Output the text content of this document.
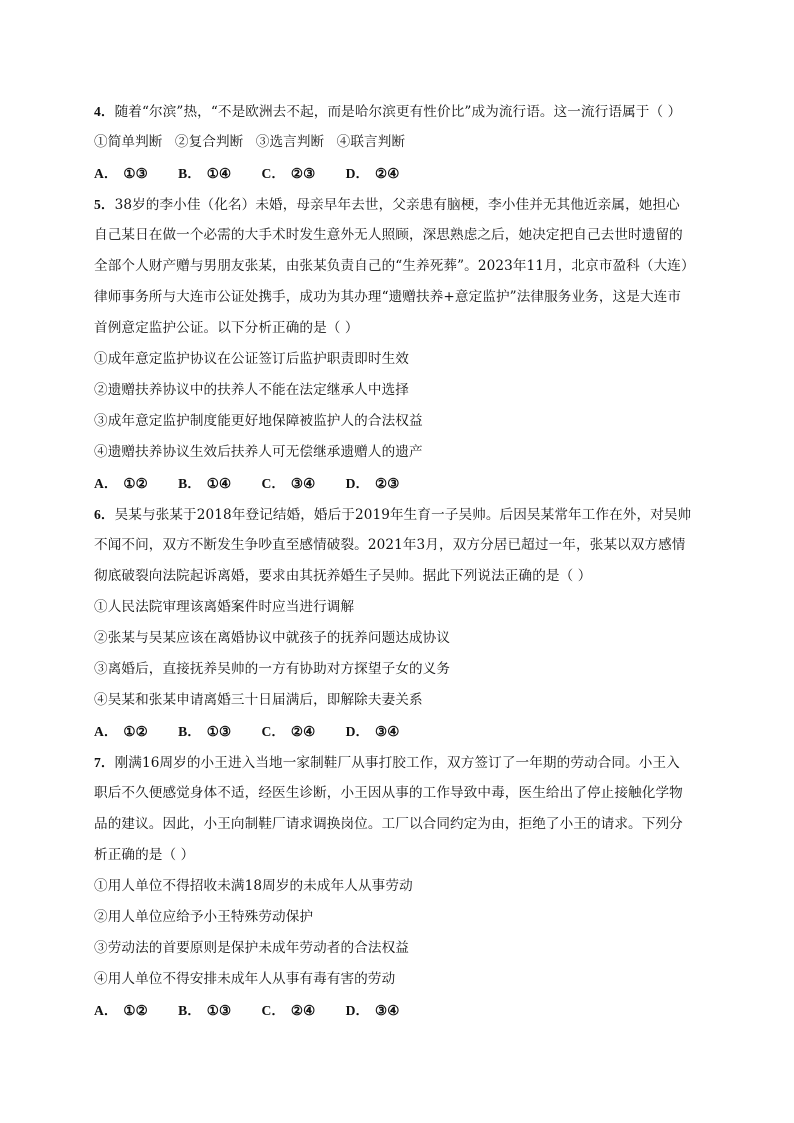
4．随着“尔滨”热，“不是欧洲去不起，而是哈尔滨更有性价比”成为流行语。这一流行语属于（ ）
①简单判断 ②复合判断 ③选言判断 ④联言判断
A． ①③ B． ①④ C． ②③ D． ②④
5．38岁的李小佳（化名）未婚，母亲早年去世，父亲患有脑梗，李小佳并无其他近亲属，她担心
自己某日在做一个必需的大手术时发生意外无人照顾，深思熟虑之后，她决定把自己去世时遗留的
全部个人财产赠与男朋友张某，由张某负责自己的“生养死葬”。2023年11月，北京市盈科（大连）
律师事务所与大连市公证处携手，成功为其办理“遗赠扶养+意定监护”法律服务业务，这是大连市
首例意定监护公证。以下分析正确的是（ ）
①成年意定监护协议在公证签订后监护职责即时生效
②遗赠扶养协议中的扶养人不能在法定继承人中选择
③成年意定监护制度能更好地保障被监护人的合法权益
④遗赠扶养协议生效后扶养人可无偿继承遗赠人的遗产
A． ①② B． ①④ C． ③④ D． ②③
6．吴某与张某于2018年登记结婚，婚后于2019年生育一子吴帅。后因吴某常年工作在外，对吴帅
不闻不问，双方不断发生争吵直至感情破裂。2021年3月，双方分居已超过一年，张某以双方感情
彻底破裂向法院起诉离婚，要求由其抚养婚生子吴帅。据此下列说法正确的是（ ）
①人民法院审理该离婚案件时应当进行调解
②张某与吴某应该在离婚协议中就孩子的抚养问题达成协议
③离婚后，直接抚养吴帅的一方有协助对方探望子女的义务
④吴某和张某申请离婚三十日届满后，即解除夫妻关系
A． ①② B． ①③ C． ②④ D． ③④
7．刚满16周岁的小王进入当地一家制鞋厂从事打胶工作，双方签订了一年期的劳动合同。小王入
职后不久便感觉身体不适，经医生诊断，小王因从事的工作导致中毒，医生给出了停止接触化学物
品的建议。因此，小王向制鞋厂请求调换岗位。工厂以合同约定为由，拒绝了小王的请求。下列分
析正确的是（ ）
①用人单位不得招收未满18周岁的未成年人从事劳动
②用人单位应给予小王特殊劳动保护
③劳动法的首要原则是保护未成年劳动者的合法权益
④用人单位不得安排未成年人从事有毒有害的劳动
A． ①② B． ①③ C． ②④ D． ③④
